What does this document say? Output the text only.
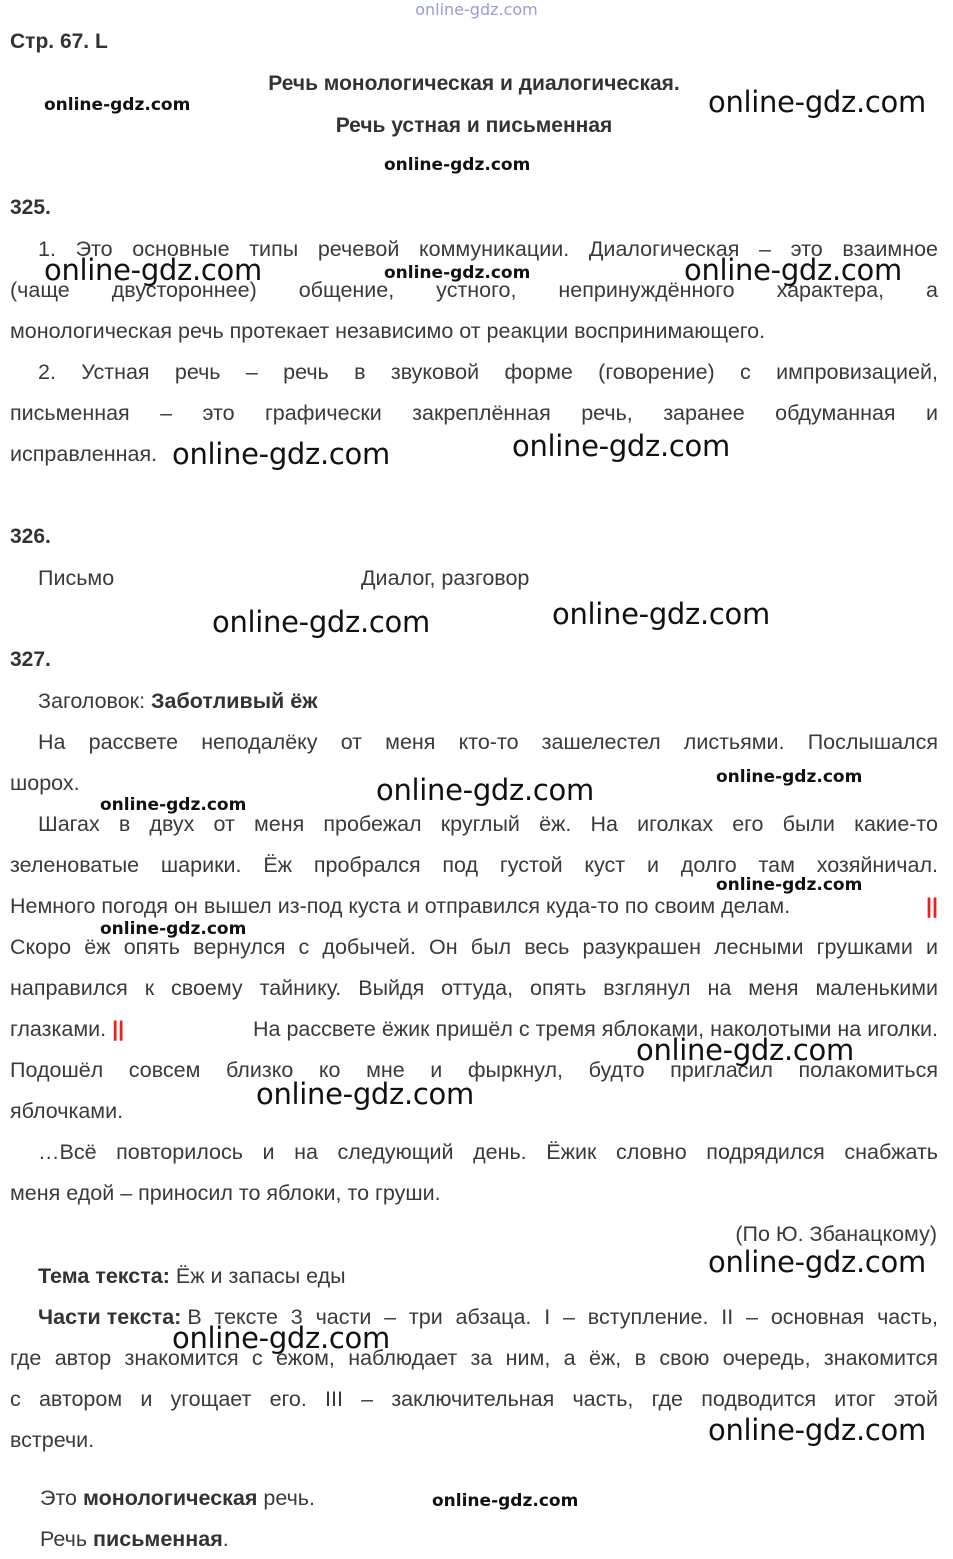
online-gdz.com
Стр. 67. L
Речь монологическая и диалогическая.
Речь устная и письменная
325.
1. Это основные типы речевой коммуникации. Диалогическая – это взаимное
(чаще двустороннее) общение, устного, непринуждённого характера, а
монологическая речь протекает независимо от реакции воспринимающего.
2. Устная речь – речь в звуковой форме (говорение) с импровизацией,
письменная – это графически закреплённая речь, заранее обдуманная и
исправленная.
326.
Письмо	Диалог, разговор
327.
Заголовок: Заботливый ёж
На рассвете неподалёку от меня кто-то зашелестел листьями. Послышался
шорох.
Шагах в двух от меня пробежал круглый ёж. На иголках его были какие-то
зеленоватые шарики. Ёж пробрался под густой куст и долго там хозяйничал.
Немного погодя он вышел из-под куста и отправился куда-то по своим делам.	||
Скоро ёж опять вернулся с добычей. Он был весь разукрашен лесными грушками и
направился к своему тайнику. Выйдя оттуда, опять взглянул на меня маленькими
глазками. ||	На рассвете ёжик пришёл с тремя яблоками, наколотыми на иголки.
Подошёл совсем близко ко мне и фыркнул, будто пригласил полакомиться
яблочками.
…Всё повторилось и на следующий день. Ёжик словно подрядился снабжать
меня едой – приносил то яблоки, то груши.
(По Ю. Збанацкому)
Тема текста: Ёж и запасы еды
Части текста: В тексте 3 части – три абзаца. I – вступление. II – основная часть,
где автор знакомится с ежом, наблюдает за ним, а ёж, в свою очередь, знакомится
с автором и угощает его. III – заключительная часть, где подводится итог этой
встречи.
Это монологическая речь.
Речь письменная.
online-gdz.com	online-gdz.com
online-gdz.com
online-gdz.com	online-gdz.com	online-gdz.com
online-gdz.com	online-gdz.com
online-gdz.com	online-gdz.com
online-gdz.com	online-gdz.com
online-gdz.com
online-gdz.com
online-gdz.com
online-gdz.com
online-gdz.com
online-gdz.com
online-gdz.com
online-gdz.com
online-gdz.com
